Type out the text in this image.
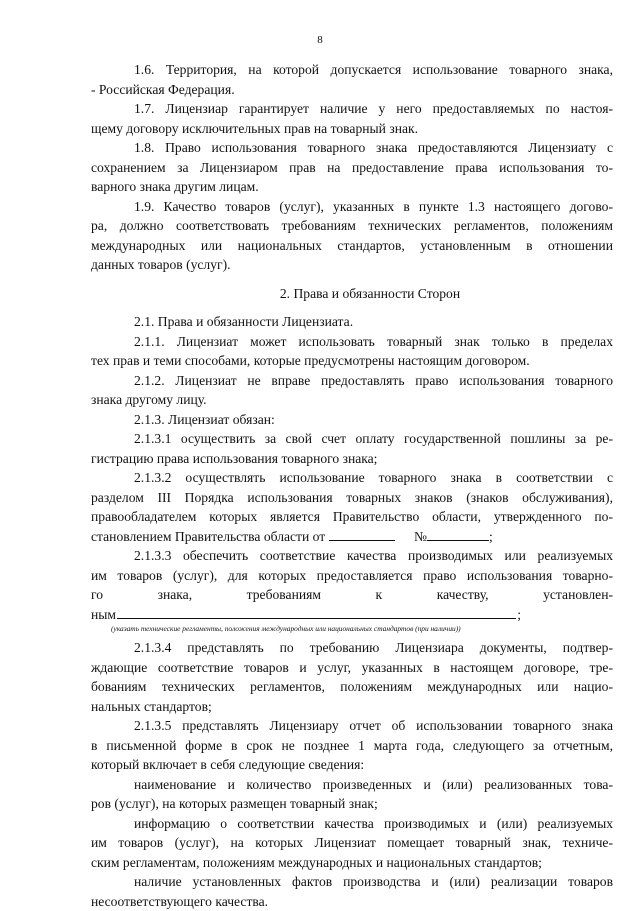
8
1.6. Территория, на которой допускается использование товарного знака,
- Российская Федерация.
1.7. Лицензиар гарантирует наличие у него предоставляемых по настоя-
щему договору исключительных прав на товарный знак.
1.8. Право использования товарного знака предоставляются Лицензиату с
сохранением за Лицензиаром прав на предоставление права использования то-
варного знака другим лицам.
1.9. Качество товаров (услуг), указанных в пункте 1.3 настоящего догово-
ра, должно соответствовать требованиям технических регламентов, положениям
международных или национальных стандартов, установленным в отношении
данных товаров (услуг).
2. Права и обязанности Сторон
2.1. Права и обязанности Лицензиата.
2.1.1. Лицензиат может использовать товарный знак только в пределах
тех прав и теми способами, которые предусмотрены настоящим договором.
2.1.2. Лицензиат не вправе предоставлять право использования товарного
знака другому лицу.
2.1.3. Лицензиат обязан:
2.1.3.1 осуществить за свой счет оплату государственной пошлины за ре-
гистрацию права использования товарного знака;
2.1.3.2 осуществлять использование товарного знака в соответствии с
разделом III Порядка использования товарных знаков (знаков обслуживания),
правообладателем которых является Правительство области, утвержденного по-
становлением Правительства области от	№	;
2.1.3.3 обеспечить соответствие качества производимых или реализуемых
им товаров (услуг), для которых предоставляется право использования товарно-
го	знака,	требованиям	к	качеству,	установлен-
ным	;
(указать технические регламенты, положения международных или национальных стандартов (при наличии))
2.1.3.4 представлять по требованию Лицензиара документы, подтвер-
ждающие соответствие товаров и услуг, указанных в настоящем договоре, тре-
бованиям технических регламентов, положениям международных или нацио-
нальных стандартов;
2.1.3.5 представлять Лицензиару отчет об использовании товарного знака
в письменной форме в срок не позднее 1 марта года, следующего за отчетным,
который включает в себя следующие сведения:
наименование и количество произведенных и (или) реализованных това-
ров (услуг), на которых размещен товарный знак;
информацию о соответствии качества производимых и (или) реализуемых
им товаров (услуг), на которых Лицензиат помещает товарный знак, техниче-
ским регламентам, положениям международных и национальных стандартов;
наличие установленных фактов производства и (или) реализации товаров
несоответствующего качества.
